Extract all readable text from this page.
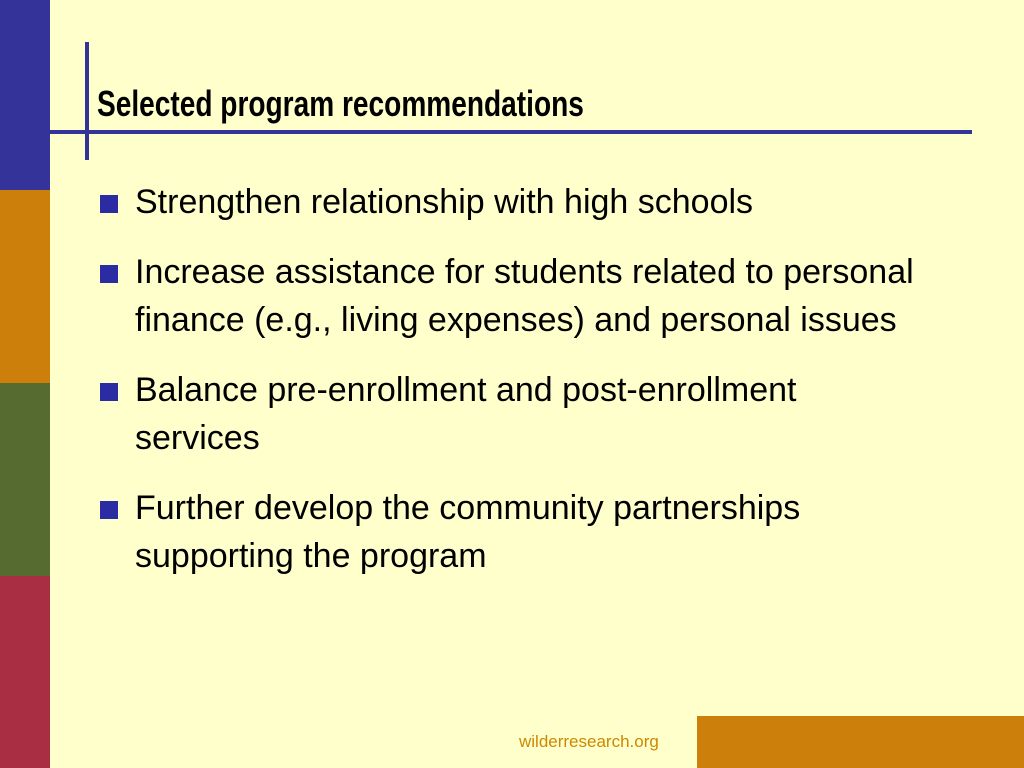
Selected program recommendations
Strengthen relationship with high schools
Increase assistance for students related to personal finance (e.g., living expenses) and personal issues
Balance pre-enrollment and post-enrollment services
Further develop the community partnerships supporting the program
wilderresearch.org
